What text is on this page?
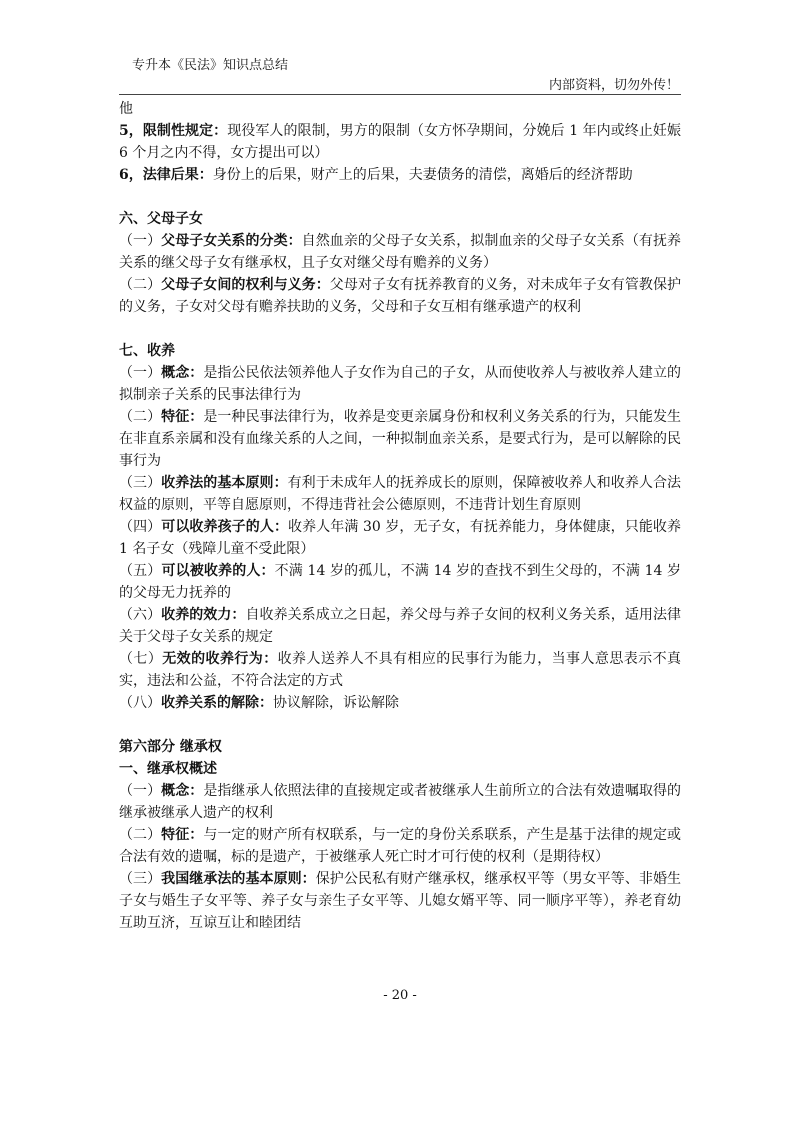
专升本《民法》知识点总结
内部资料，切勿外传！

他

5，限制性规定：现役军人的限制，男方的限制（女方怀孕期间，分娩后 1 年内或终止妊娠 6 个月之内不得，女方提出可以）

6，法律后果：身份上的后果，财产上的后果，夫妻债务的清偿，离婚后的经济帮助

六、父母子女

（一）父母子女关系的分类：自然血亲的父母子女关系，拟制血亲的父母子女关系（有抚养关系的继父母子女有继承权，且子女对继父母有赡养的义务）

（二）父母子女间的权利与义务：父母对子女有抚养教育的义务，对未成年子女有管教保护的义务，子女对父母有赡养扶助的义务，父母和子女互相有继承遗产的权利

七、收养

（一）概念：是指公民依法领养他人子女作为自己的子女，从而使收养人与被收养人建立的拟制亲子关系的民事法律行为

（二）特征：是一种民事法律行为，收养是变更亲属身份和权利义务关系的行为，只能发生在非直系亲属和没有血缘关系的人之间，一种拟制血亲关系，是要式行为，是可以解除的民事行为

（三）收养法的基本原则：有利于未成年人的抚养成长的原则，保障被收养人和收养人合法权益的原则，平等自愿原则，不得违背社会公德原则，不违背计划生育原则

（四）可以收养孩子的人：收养人年满 30 岁，无子女，有抚养能力，身体健康，只能收养 1 名子女（残障儿童不受此限）

（五）可以被收养的人：不满 14 岁的孤儿，不满 14 岁的查找不到生父母的，不满 14 岁的父母无力抚养的

（六）收养的效力：自收养关系成立之日起，养父母与养子女间的权利义务关系，适用法律关于父母子女关系的规定

（七）无效的收养行为：收养人送养人不具有相应的民事行为能力，当事人意思表示不真实，违法和公益，不符合法定的方式

（八）收养关系的解除：协议解除，诉讼解除

第六部分 继承权

一、继承权概述

（一）概念：是指继承人依照法律的直接规定或者被继承人生前所立的合法有效遗嘱取得的继承被继承人遗产的权利

（二）特征：与一定的财产所有权联系，与一定的身份关系联系，产生是基于法律的规定或合法有效的遗嘱，标的是遗产，于被继承人死亡时才可行使的权利（是期待权）

（三）我国继承法的基本原则：保护公民私有财产继承权，继承权平等（男女平等、非婚生子女与婚生子女平等、养子女与亲生子女平等、儿媳女婿平等、同一顺序平等），养老育幼互助互济，互谅互让和睦团结

- 20 -
